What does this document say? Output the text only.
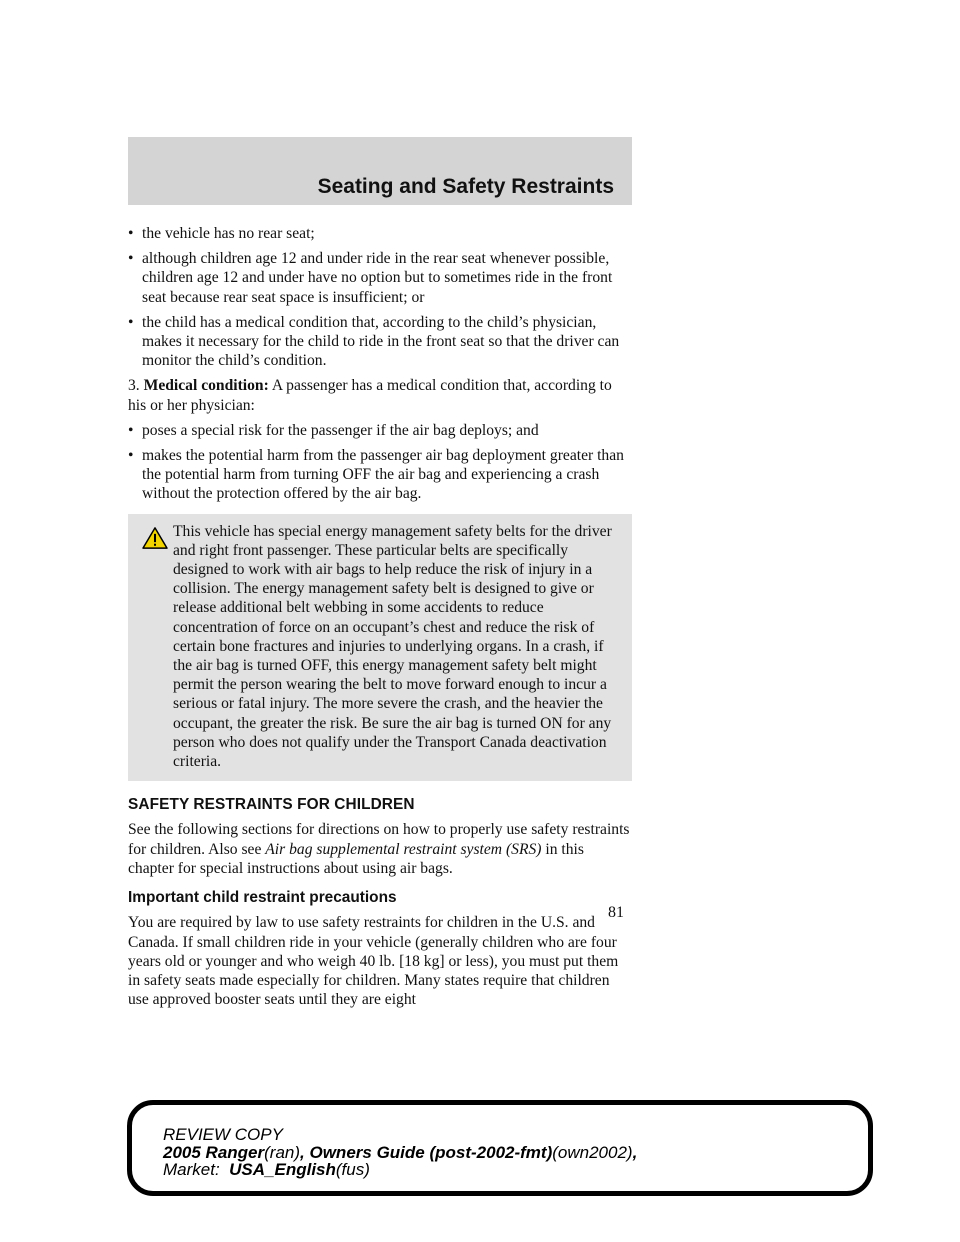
Seating and Safety Restraints
• the vehicle has no rear seat;
• although children age 12 and under ride in the rear seat whenever possible, children age 12 and under have no option but to sometimes ride in the front seat because rear seat space is insufficient; or
• the child has a medical condition that, according to the child’s physician, makes it necessary for the child to ride in the front seat so that the driver can monitor the child’s condition.

3. Medical condition: A passenger has a medical condition that, according to his or her physician:

• poses a special risk for the passenger if the air bag deploys; and
• makes the potential harm from the passenger air bag deployment greater than the potential harm from turning OFF the air bag and experiencing a crash without the protection offered by the air bag.

This vehicle has special energy management safety belts for the driver and right front passenger. These particular belts are specifically designed to work with air bags to help reduce the risk of injury in a collision. The energy management safety belt is designed to give or release additional belt webbing in some accidents to reduce concentration of force on an occupant’s chest and reduce the risk of certain bone fractures and injuries to underlying organs. In a crash, if the air bag is turned OFF, this energy management safety belt might permit the person wearing the belt to move forward enough to incur a serious or fatal injury. The more severe the crash, and the heavier the occupant, the greater the risk. Be sure the air bag is turned ON for any person who does not qualify under the Transport Canada deactivation criteria.

SAFETY RESTRAINTS FOR CHILDREN

See the following sections for directions on how to properly use safety restraints for children. Also see Air bag supplemental restraint system (SRS) in this chapter for special instructions about using air bags.

Important child restraint precautions

You are required by law to use safety restraints for children in the U.S. and Canada. If small children ride in your vehicle (generally children who are four years old or younger and who weigh 40 lb. [18 kg] or less), you must put them in safety seats made especially for children. Many states require that children use approved booster seats until they are eight

81
REVIEW COPY
2005 Ranger(ran), Owners Guide (post-2002-fmt)(own2002),
Market: USA_English(fus)
